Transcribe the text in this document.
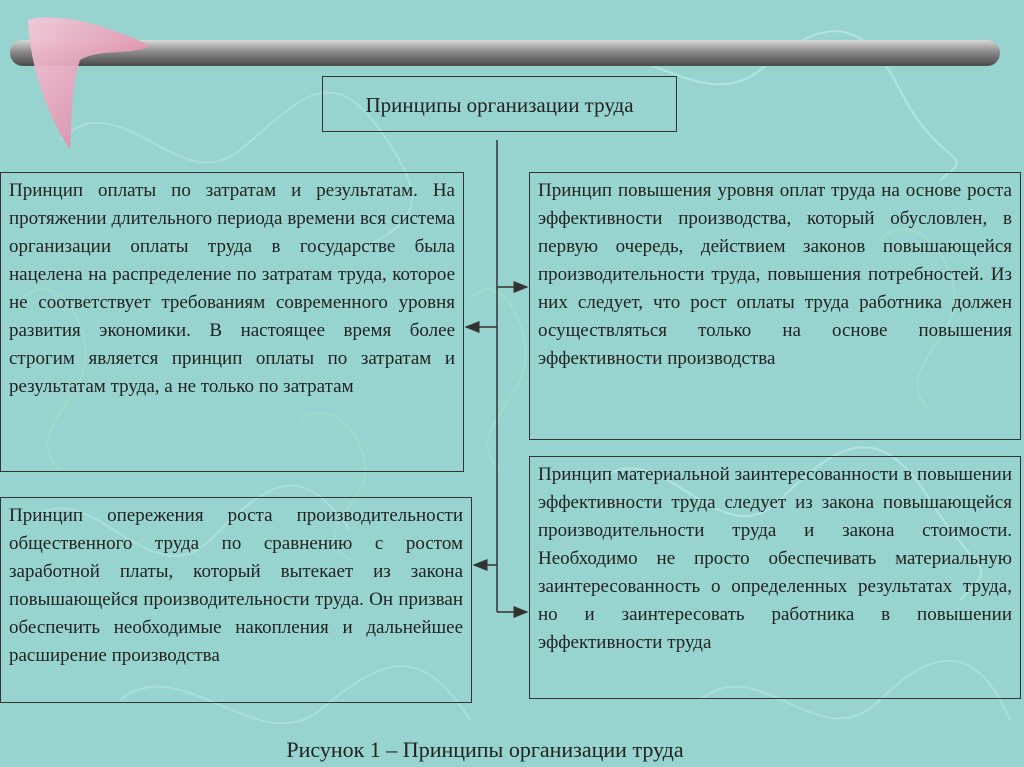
Принципы организации труда
Принцип оплаты по затратам и результатам. На протяжении длительного периода времени вся система организации оплаты труда в государстве была нацелена на распределение по затратам труда, которое не соответствует требованиям современного уровня развития экономики. В настоящее время более строгим является принцип оплаты по затратам и результатам труда, а не только по затратам
Принцип повышения уровня оплат труда на основе роста эффективности производства, который обусловлен, в первую очередь, действием законов повышающейся производительности труда, повышения потребностей. Из них следует, что рост оплаты труда работника должен осуществляться только на основе повышения эффективности производства
Принцип опережения роста производительности общественного труда по сравнению с ростом заработной платы, который вытекает из закона повышающейся производительности труда. Он призван обеспечить необходимые накопления и дальнейшее расширение производства
Принцип материальной заинтересованности в повышении эффективности труда следует из закона повышающейся производительности труда и закона стоимости. Необходимо не просто обеспечивать материальную заинтересованность о определенных результатах труда, но и заинтересовать работника в повышении эффективности труда
Рисунок 1 – Принципы организации труда
